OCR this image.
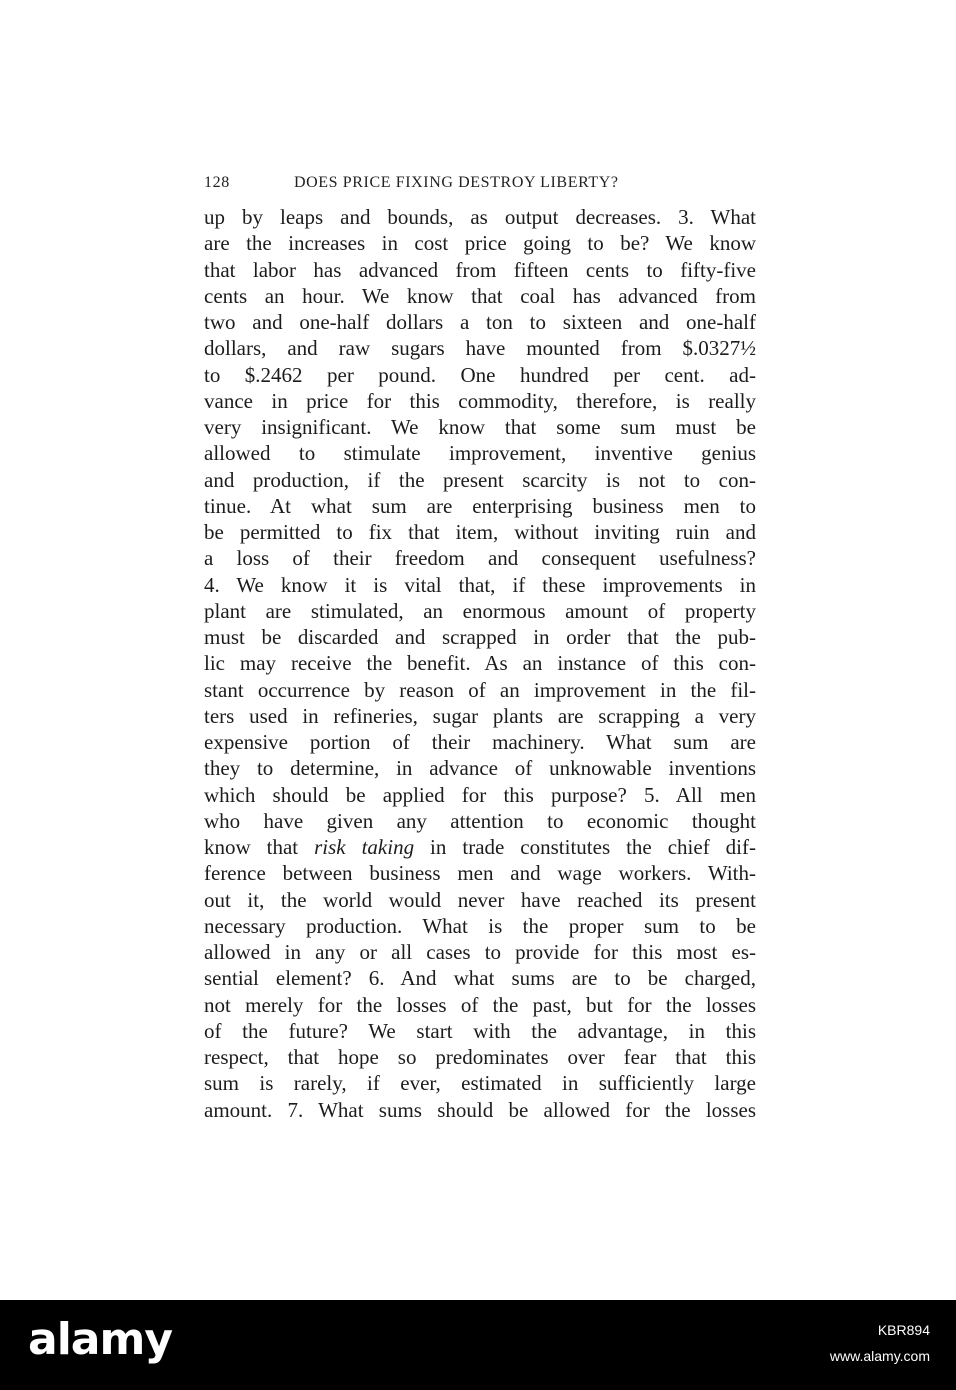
128	DOES PRICE FIXING DESTROY LIBERTY?
up by leaps and bounds, as output decreases. 3. What
are the increases in cost price going to be? We know
that labor has advanced from fifteen cents to fifty-five
cents an hour. We know that coal has advanced from
two and one-half dollars a ton to sixteen and one-half
dollars, and raw sugars have mounted from $.0327½
to $.2462 per pound. One hundred per cent. ad-
vance in price for this commodity, therefore, is really
very insignificant. We know that some sum must be
allowed to stimulate improvement, inventive genius
and production, if the present scarcity is not to con-
tinue. At what sum are enterprising business men to
be permitted to fix that item, without inviting ruin and
a loss of their freedom and consequent usefulness?
4. We know it is vital that, if these improvements in
plant are stimulated, an enormous amount of property
must be discarded and scrapped in order that the pub-
lic may receive the benefit. As an instance of this con-
stant occurrence by reason of an improvement in the fil-
ters used in refineries, sugar plants are scrapping a very
expensive portion of their machinery. What sum are
they to determine, in advance of unknowable inventions
which should be applied for this purpose? 5. All men
who have given any attention to economic thought
know that risk taking in trade constitutes the chief dif-
ference between business men and wage workers. With-
out it, the world would never have reached its present
necessary production. What is the proper sum to be
allowed in any or all cases to provide for this most es-
sential element? 6. And what sums are to be charged,
not merely for the losses of the past, but for the losses
of the future? We start with the advantage, in this
respect, that hope so predominates over fear that this
sum is rarely, if ever, estimated in sufficiently large
amount. 7. What sums should be allowed for the losses
alamy	KBR894
www.alamy.com
